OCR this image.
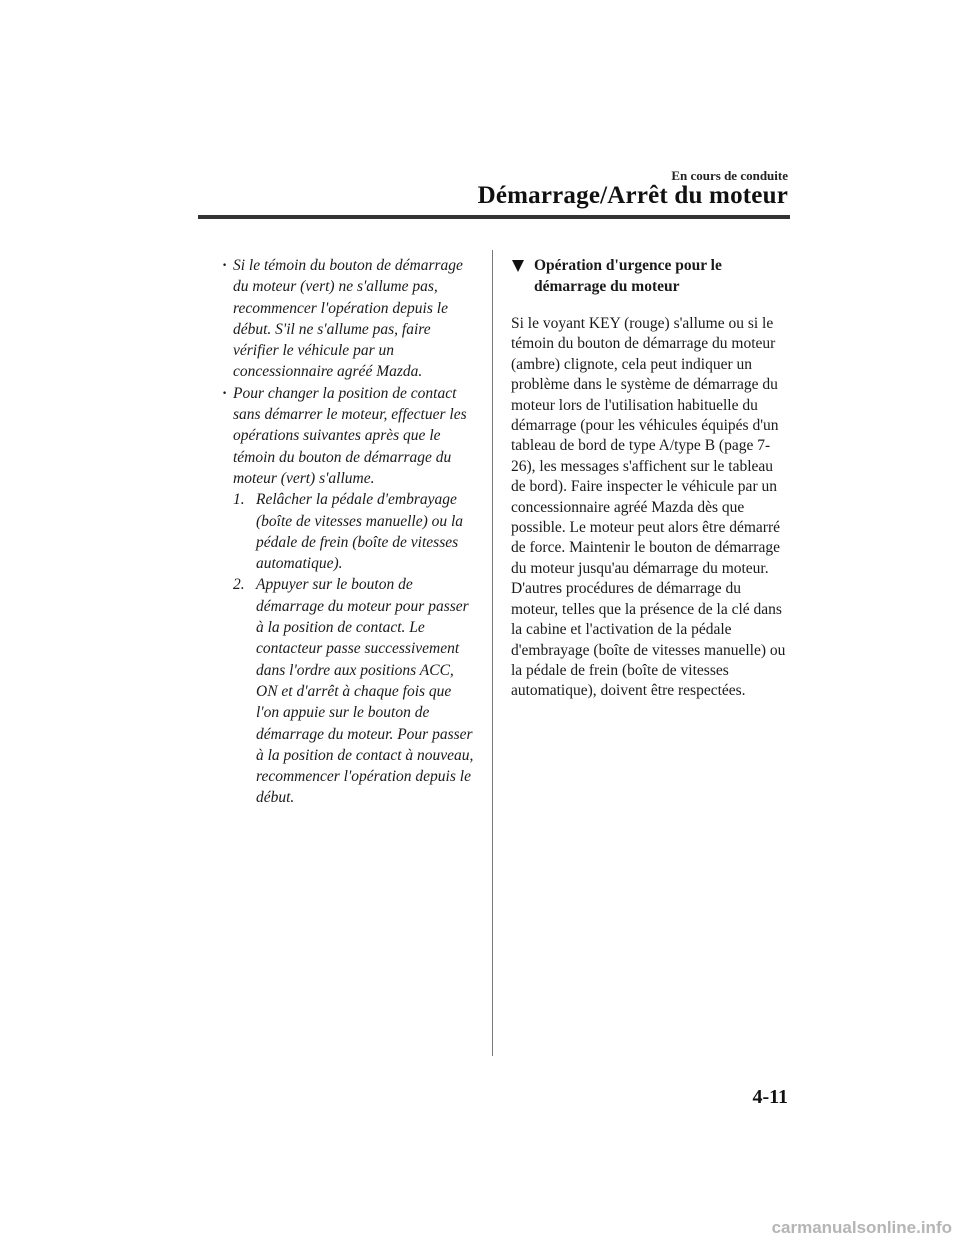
En cours de conduite
Démarrage/Arrêt du moteur
· Si le témoin du bouton de démarrage du moteur (vert) ne s'allume pas, recommencer l'opération depuis le début. S'il ne s'allume pas, faire vérifier le véhicule par un concessionnaire agréé Mazda.
· Pour changer la position de contact sans démarrer le moteur, effectuer les opérations suivantes après que le témoin du bouton de démarrage du moteur (vert) s'allume.
1. Relâcher la pédale d'embrayage (boîte de vitesses manuelle) ou la pédale de frein (boîte de vitesses automatique).
2. Appuyer sur le bouton de démarrage du moteur pour passer à la position de contact. Le contacteur passe successivement dans l'ordre aux positions ACC, ON et d'arrêt à chaque fois que l'on appuie sur le bouton de démarrage du moteur. Pour passer à la position de contact à nouveau, recommencer l'opération depuis le début.
Opération d'urgence pour le démarrage du moteur
Si le voyant KEY (rouge) s'allume ou si le témoin du bouton de démarrage du moteur (ambre) clignote, cela peut indiquer un problème dans le système de démarrage du moteur lors de l'utilisation habituelle du démarrage (pour les véhicules équipés d'un tableau de bord de type A/type B (page 7-26), les messages s'affichent sur le tableau de bord). Faire inspecter le véhicule par un concessionnaire agréé Mazda dès que possible. Le moteur peut alors être démarré de force. Maintenir le bouton de démarrage du moteur jusqu'au démarrage du moteur. D'autres procédures de démarrage du moteur, telles que la présence de la clé dans la cabine et l'activation de la pédale d'embrayage (boîte de vitesses manuelle) ou la pédale de frein (boîte de vitesses automatique), doivent être respectées.
4-11
carmanualsonline.info
